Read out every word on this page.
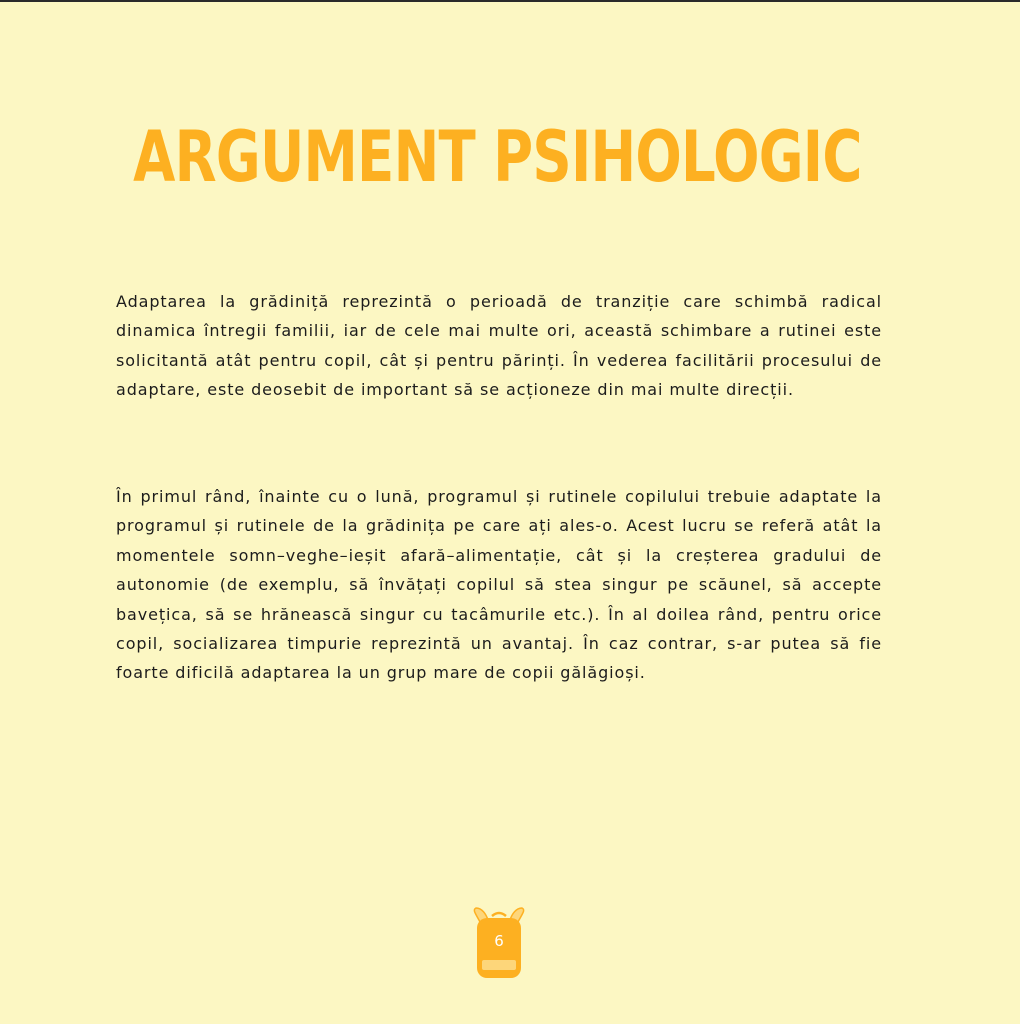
ARGUMENT PSIHOLOGIC

Adaptarea la grădiniță reprezintă o perioadă de tranziție care schimbă radical dinamica întregii familii, iar de cele mai multe ori, această schimbare a rutinei este solicitantă atât pentru copil, cât și pentru părinți. În vederea facilitării procesului de adaptare, este deosebit de important să se acționeze din mai multe direcții.

În primul rând, înainte cu o lună, programul și rutinele copilului trebuie adaptate la programul și rutinele de la grădinița pe care ați ales-o. Acest lucru se referă atât la momentele somn–veghe–ieșit afară–alimentație, cât și la creșterea gradului de autonomie (de exemplu, să învățați copilul să stea singur pe scăunel, să accepte bavețica, să se hrănească singur cu tacâmurile etc.). În al doilea rând, pentru orice copil, socializarea timpurie reprezintă un avantaj. În caz contrar, s-ar putea să fie foarte dificilă adaptarea la un grup mare de copii gălăgioși.

6
